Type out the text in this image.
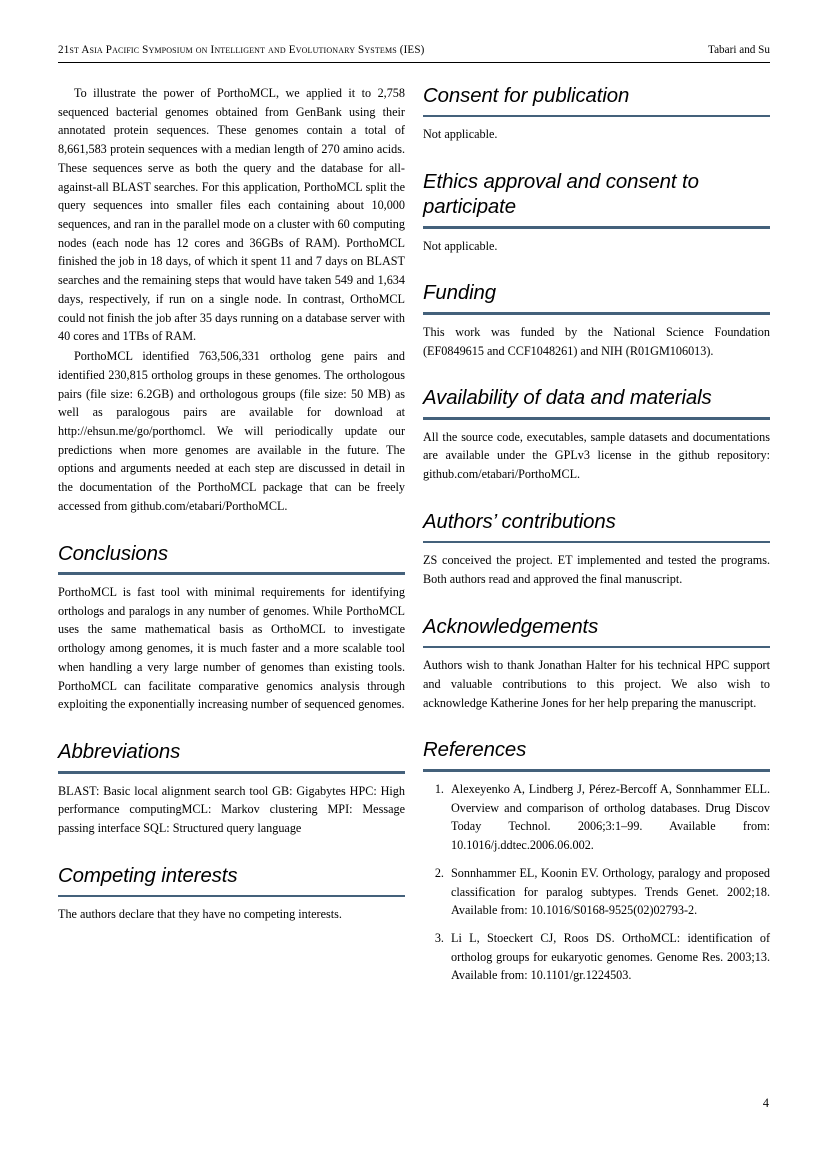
21st Asia Pacific Symposium on Intelligent and Evolutionary Systems (IES)	Tabari and Su

To illustrate the power of PorthoMCL, we applied it to 2,758 sequenced bacterial genomes obtained from GenBank using their annotated protein sequences. These genomes contain a total of 8,661,583 protein sequences with a median length of 270 amino acids. These sequences serve as both the query and the database for all-against-all BLAST searches. For this application, PorthoMCL split the query sequences into smaller files each containing about 10,000 sequences, and ran in the parallel mode on a cluster with 60 computing nodes (each node has 12 cores and 36GBs of RAM). PorthoMCL finished the job in 18 days, of which it spent 11 and 7 days on BLAST searches and the remaining steps that would have taken 549 and 1,634 days, respectively, if run on a single node. In contrast, OrthoMCL could not finish the job after 35 days running on a database server with 40 cores and 1TBs of RAM.

PorthoMCL identified 763,506,331 ortholog gene pairs and identified 230,815 ortholog groups in these genomes. The orthologous pairs (file size: 6.2GB) and orthologous groups (file size: 50 MB) as well as paralogous pairs are available for download at http://ehsun.me/go/porthomcl. We will periodically update our predictions when more genomes are available in the future. The options and arguments needed at each step are discussed in detail in the documentation of the PorthoMCL package that can be freely accessed from github.com/etabari/PorthoMCL.

Conclusions

PorthoMCL is fast tool with minimal requirements for identifying orthologs and paralogs in any number of genomes. While PorthoMCL uses the same mathematical basis as OrthoMCL to investigate orthology among genomes, it is much faster and a more scalable tool when handling a very large number of genomes than existing tools. PorthoMCL can facilitate comparative genomics analysis through exploiting the exponentially increasing number of sequenced genomes.

Abbreviations

BLAST: Basic local alignment search tool GB: Gigabytes HPC: High performance computingMCL: Markov clustering MPI: Message passing interface SQL: Structured query language

Competing interests

The authors declare that they have no competing interests.

Consent for publication

Not applicable.

Ethics approval and consent to participate

Not applicable.

Funding

This work was funded by the National Science Foundation (EF0849615 and CCF1048261) and NIH (R01GM106013).

Availability of data and materials

All the source code, executables, sample datasets and documentations are available under the GPLv3 license in the github repository: github.com/etabari/PorthoMCL.

Authors’ contributions

ZS conceived the project. ET implemented and tested the programs. Both authors read and approved the final manuscript.

Acknowledgements

Authors wish to thank Jonathan Halter for his technical HPC support and valuable contributions to this project. We also wish to acknowledge Katherine Jones for her help preparing the manuscript.

References
1. Alexeyenko A, Lindberg J, Pérez-Bercoff A, Sonnhammer ELL. Overview and comparison of ortholog databases. Drug Discov Today Technol. 2006;3:1–99. Available from: 10.1016/j.ddtec.2006.06.002.
2. Sonnhammer EL, Koonin EV. Orthology, paralogy and proposed classification for paralog subtypes. Trends Genet. 2002;18. Available from: 10.1016/S0168-9525(02)02793-2.
3. Li L, Stoeckert CJ, Roos DS. OrthoMCL: identification of ortholog groups for eukaryotic genomes. Genome Res. 2003;13. Available from: 10.1101/gr.1224503.
4
